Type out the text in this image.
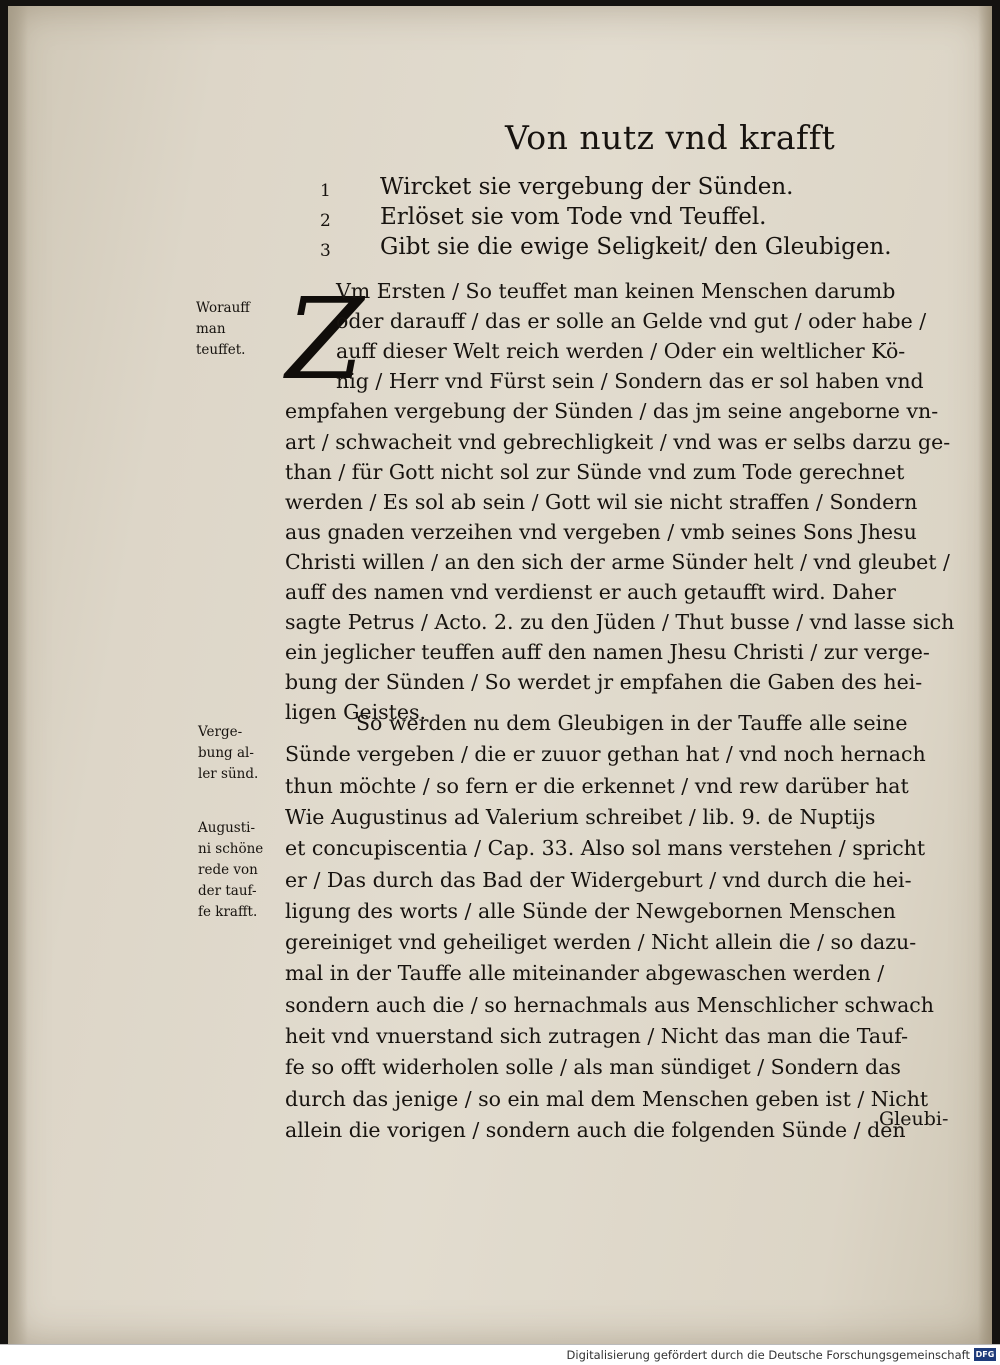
Von nutz vnd krafft
1 Wircket sie vergebung der Sünden.
2 Erlöset sie vom Tode vnd Teuffel.
3 Gibt sie die ewige Seligkeit/ den Gleubigen.
Z
Vm Ersten / So teuffet man keinen Menschen darumb
oder darauff / das er solle an Gelde vnd gut / oder habe /
auff dieser Welt reich werden / Oder ein weltlicher Kö-
nig / Herr vnd Fürst sein / Sondern das er sol haben vnd
empfahen vergebung der Sünden / das jm seine angeborne vn-
art / schwacheit vnd gebrechligkeit / vnd was er selbs darzu ge-
than / für Gott nicht sol zur Sünde vnd zum Tode gerechnet
werden / Es sol ab sein / Gott wil sie nicht straffen / Sondern
aus gnaden verzeihen vnd vergeben / vmb seines Sons Jhesu
Christi willen / an den sich der arme Sünder helt / vnd gleubet /
auff des namen vnd verdienst er auch getaufft wird. Daher
sagte Petrus / Acto. 2. zu den Jüden / Thut busse / vnd lasse sich
ein jeglicher teuffen auff den namen Jhesu Christi / zur verge-
bung der Sünden / So werdet jr empfahen die Gaben des hei-
ligen Geistes.
So werden nu dem Gleubigen in der Tauffe alle seine
Sünde vergeben / die er zuuor gethan hat / vnd noch hernach
thun möchte / so fern er die erkennet / vnd rew darüber hat
Wie Augustinus ad Valerium schreibet / lib. 9. de Nuptijs
et concupiscentia / Cap. 33. Also sol mans verstehen / spricht
er / Das durch das Bad der Widergeburt / vnd durch die hei-
ligung des worts / alle Sünde der Newgebornen Menschen
gereiniget vnd geheiliget werden / Nicht allein die / so dazu-
mal in der Tauffe alle miteinander abgewaschen werden /
sondern auch die / so hernachmals aus Menschlicher schwach
heit vnd vnuerstand sich zutragen / Nicht das man die Tauf-
fe so offt widerholen solle / als man sündiget / Sondern das
durch das jenige / so ein mal dem Menschen geben ist / Nicht
allein die vorigen / sondern auch die folgenden Sünde / den
Gleubi-
Worauff
man
teuffet.
Verge-
bung al-
ler sünd.
Augusti-
ni schöne
rede von
der tauf-
fe krafft.
Digitalisierung gefördert durch die Deutsche Forschungsgemeinschaft DFG
